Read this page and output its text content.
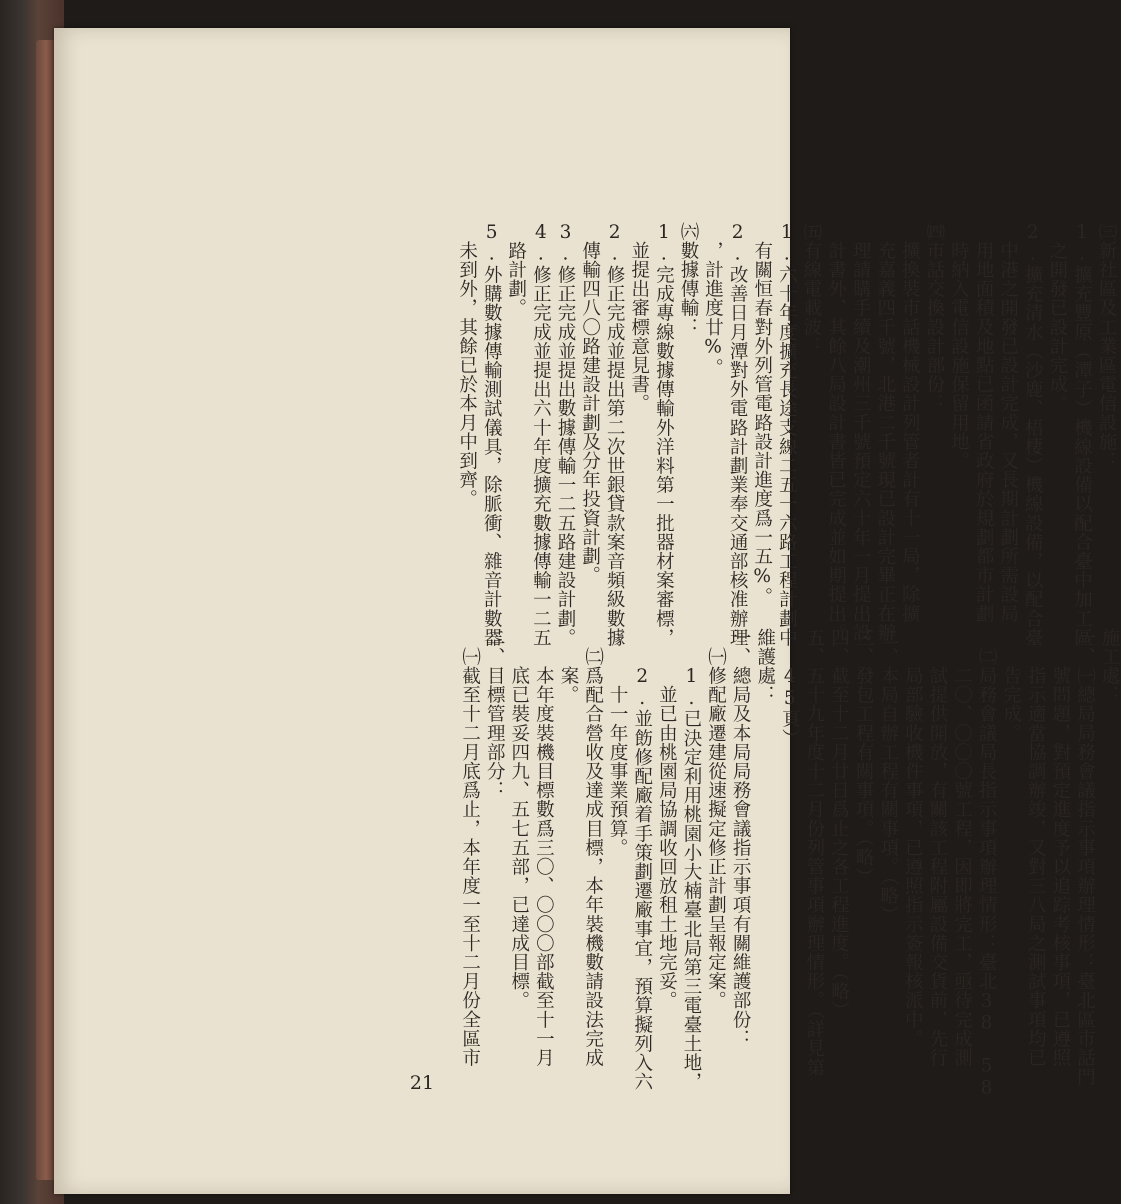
㈢新社區及工業區電信設施：
1.擴充豐原（潭子）機線設備以配合臺中加工區
　之開發已設計完成。
2.擴充清水（沙鹿、梧棲）機線設備，以配合臺
　中港之開發已設計完成，又長期計劃所需設局
　用地面積及地點已函請省政府於規劃都市計劃
　時納入電信設施保留用地。
㈣市話交換設計部份：
　擴換裝市話機械設計列管者計有十一局，除擴
　充嘉義四千號，北港二千號現已設計完畢正在辦
　理請購手續及潮州三千號預定六十年一月提出設
　計書外，其餘八局設計書皆已完成並如期提出。
㈤有線電載波：
1.六十年度擴充長途支線二五一六路工程計劃中
　有關恒春對外列管電路設計進度爲一五%。
2.改善日月潭對外電路計劃業奉交通部核准辦理
　，計進度廿%。
㈥數據傳輸：
1.完成專線數據傳輸外洋料第一批器材案審標，
　並提出審標意見書。
2.修正完成並提出第二次世銀貸款案音頻級數據
　傳輸四八〇路建設計劃及分年投資計劃。
3.修正完成並提出數據傳輸一二五路建設計劃。
4.修正完成並提出六十年度擴充數據傳輸一二五
　路計劃。
5.外購數據傳輸測試儀具，除脈衝、雜音計數器
　未到外，其餘已於本月中到齊。
施工處：
一、㈠總局局務會議指示事項辦理情形：臺北區市話門
　　號問題，對預定進度予以追踪考核事項，已遵照
　　指示適當協調辦竣，又對三八局之測試事項均已
　　告完成。
　㈡局務會議局長指示事項辦理情形：臺北38 58
　　二〇、〇〇〇號工程，因即將完工，亟待完成測
　　試提供開放，有關該工程附屬設備交貨前，先行
　　局部驗收機件事項，已遵照指示簽報核派中。
二、本局自辦工程有關事項。（略）
三、發包工程有關事項。（略）
四、截至十二月廿日爲止之各工程進度。（略）
五、五十九年度十二月份列管事項辦理情形。（詳見第
　　45頁）
維護處：
一、總局及本局局務會議指示事項有關維護部份：
　㈠修配廠遷建從速擬定修正計劃呈報定案。
　　1.已決定利用桃園小大楠臺北局第三電臺土地，
　　　並已由桃園局協調收回放租土地完妥。
　　2.並飭修配廠着手策劃遷廠事宜，預算擬列入六
　　　十一年度事業預算。
　㈡爲配合營收及達成目標，本年裝機數請設法完成
　　案。
　　本年度裝機目標數爲三〇、〇〇〇部截至十一月
　　底已裝妥四九、五七五部，已達成目標。
二、目標管理部分：
　㈠截至十二月底爲止，本年度一至十二月份全區市
21
